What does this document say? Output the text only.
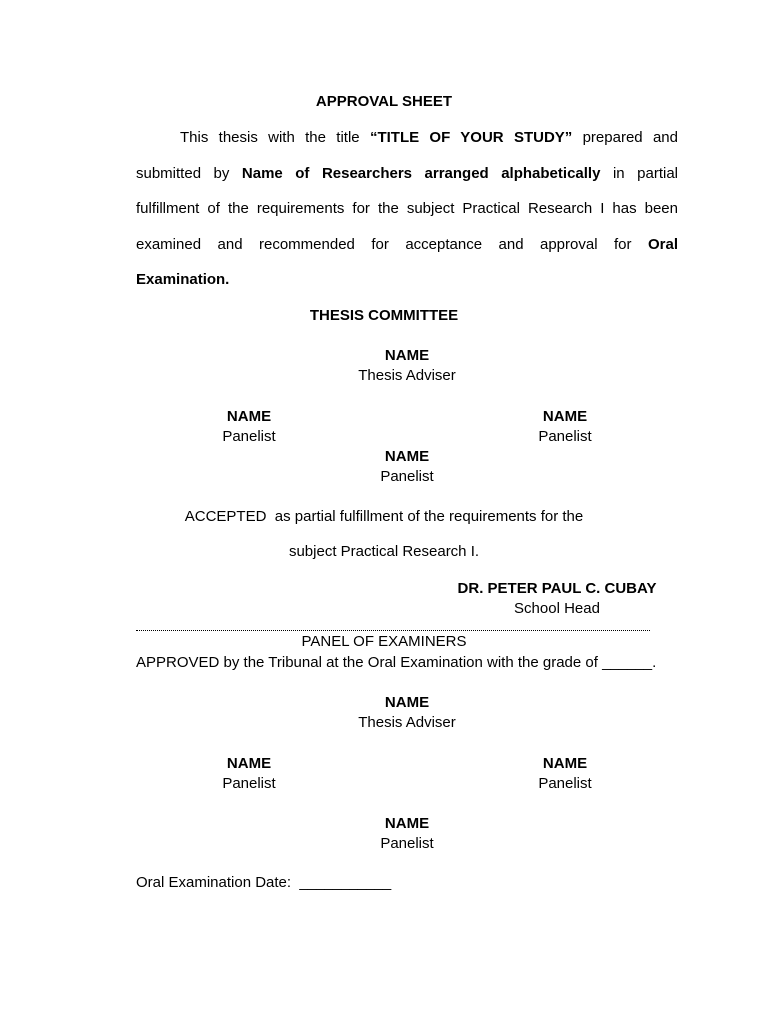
APPROVAL SHEET
This thesis with the title “TITLE OF YOUR STUDY” prepared and
submitted by Name of Researchers arranged alphabetically in partial
fulfillment of the requirements for the subject Practical Research I has been
examined and recommended for acceptance and approval for Oral
Examination.
THESIS COMMITTEE
NAME
Thesis Adviser
NAME
Panelist
NAME
Panelist
NAME
Panelist
ACCEPTED  as partial fulfillment of the requirements for the
subject Practical Research I.
DR. PETER PAUL C. CUBAY
School Head
PANEL OF EXAMINERS
APPROVED by the Tribunal at the Oral Examination with the grade of ______.
NAME
Thesis Adviser
NAME
Panelist
NAME
Panelist
NAME
Panelist
Oral Examination Date:  ___________
